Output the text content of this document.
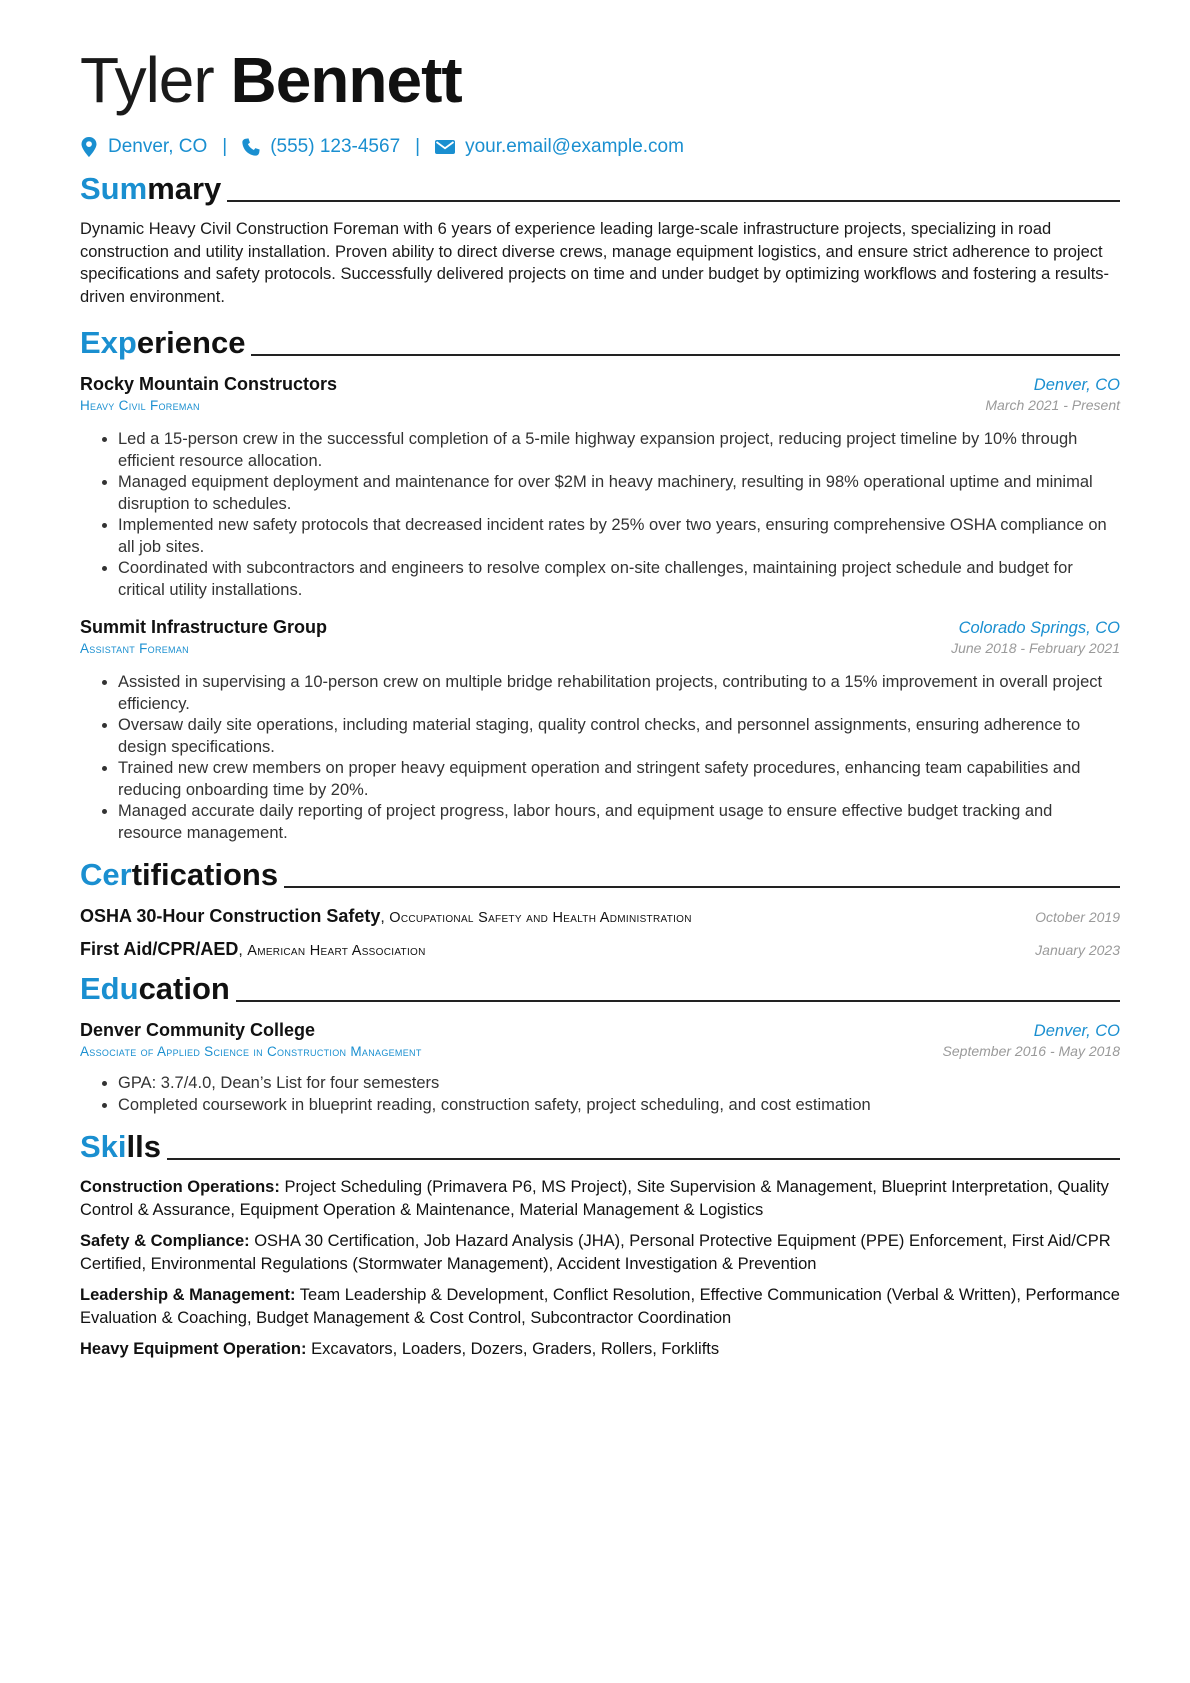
Tyler Bennett
Denver, CO | (555) 123-4567 | your.email@example.com
Summary
Dynamic Heavy Civil Construction Foreman with 6 years of experience leading large-scale infrastructure projects, specializing in road construction and utility installation. Proven ability to direct diverse crews, manage equipment logistics, and ensure strict adherence to project specifications and safety protocols. Successfully delivered projects on time and under budget by optimizing workflows and fostering a results-driven environment.
Experience
Rocky Mountain Constructors	Denver, CO
Heavy Civil Foreman	March 2021 - Present
• Led a 15-person crew in the successful completion of a 5-mile highway expansion project, reducing project timeline by 10% through efficient resource allocation.
• Managed equipment deployment and maintenance for over $2M in heavy machinery, resulting in 98% operational uptime and minimal disruption to schedules.
• Implemented new safety protocols that decreased incident rates by 25% over two years, ensuring comprehensive OSHA compliance on all job sites.
• Coordinated with subcontractors and engineers to resolve complex on-site challenges, maintaining project schedule and budget for critical utility installations.
Summit Infrastructure Group	Colorado Springs, CO
Assistant Foreman	June 2018 - February 2021
• Assisted in supervising a 10-person crew on multiple bridge rehabilitation projects, contributing to a 15% improvement in overall project efficiency.
• Oversaw daily site operations, including material staging, quality control checks, and personnel assignments, ensuring adherence to design specifications.
• Trained new crew members on proper heavy equipment operation and stringent safety procedures, enhancing team capabilities and reducing onboarding time by 20%.
• Managed accurate daily reporting of project progress, labor hours, and equipment usage to ensure effective budget tracking and resource management.
Certifications
OSHA 30-Hour Construction Safety, Occupational Safety and Health Administration	October 2019
First Aid/CPR/AED, American Heart Association	January 2023
Education
Denver Community College	Denver, CO
Associate of Applied Science in Construction Management	September 2016 - May 2018
• GPA: 3.7/4.0, Dean’s List for four semesters
• Completed coursework in blueprint reading, construction safety, project scheduling, and cost estimation
Skills
Construction Operations: Project Scheduling (Primavera P6, MS Project), Site Supervision & Management, Blueprint Interpretation, Quality Control & Assurance, Equipment Operation & Maintenance, Material Management & Logistics
Safety & Compliance: OSHA 30 Certification, Job Hazard Analysis (JHA), Personal Protective Equipment (PPE) Enforcement, First Aid/CPR Certified, Environmental Regulations (Stormwater Management), Accident Investigation & Prevention
Leadership & Management: Team Leadership & Development, Conflict Resolution, Effective Communication (Verbal & Written), Performance Evaluation & Coaching, Budget Management & Cost Control, Subcontractor Coordination
Heavy Equipment Operation: Excavators, Loaders, Dozers, Graders, Rollers, Forklifts
